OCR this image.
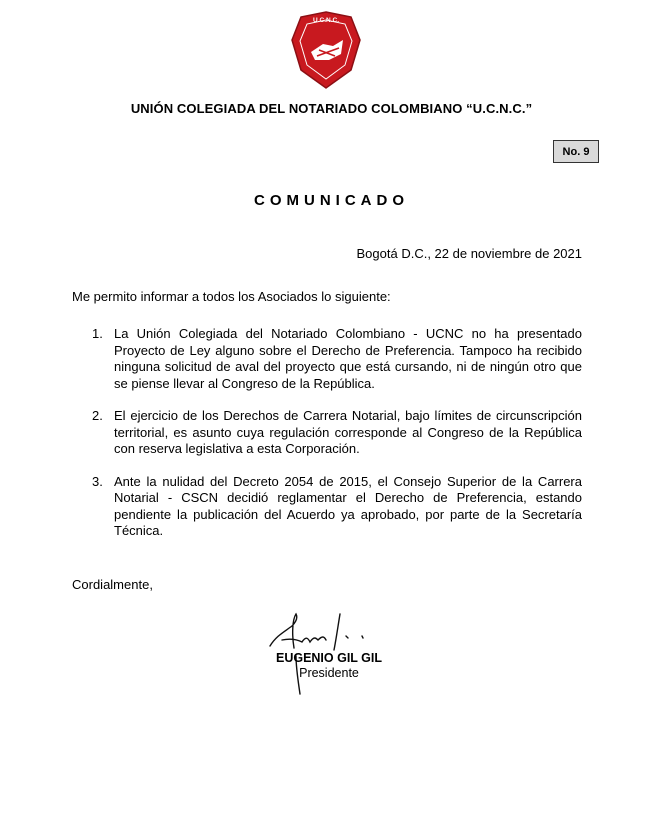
U.C.N.C.
UNIÓN COLEGIADA DEL NOTARIADO COLOMBIANO “U.C.N.C.”
No. 9
COMUNICADO
Bogotá D.C., 22 de noviembre de 2021
Me permito informar a todos los Asociados lo siguiente:
1. La Unión Colegiada del Notariado Colombiano - UCNC no ha presentado Proyecto de Ley alguno sobre el Derecho de Preferencia. Tampoco ha recibido ninguna solicitud de aval del proyecto que está cursando, ni de ningún otro que se piense llevar al Congreso de la República.
2. El ejercicio de los Derechos de Carrera Notarial, bajo límites de circunscripción territorial, es asunto cuya regulación corresponde al Congreso de la República con reserva legislativa a esta Corporación.
3. Ante la nulidad del Decreto 2054 de 2015, el Consejo Superior de la Carrera Notarial - CSCN decidió reglamentar el Derecho de Preferencia, estando pendiente la publicación del Acuerdo ya aprobado, por parte de la Secretaría Técnica.
Cordialmente,
EUGENIO GIL GIL
Presidente
